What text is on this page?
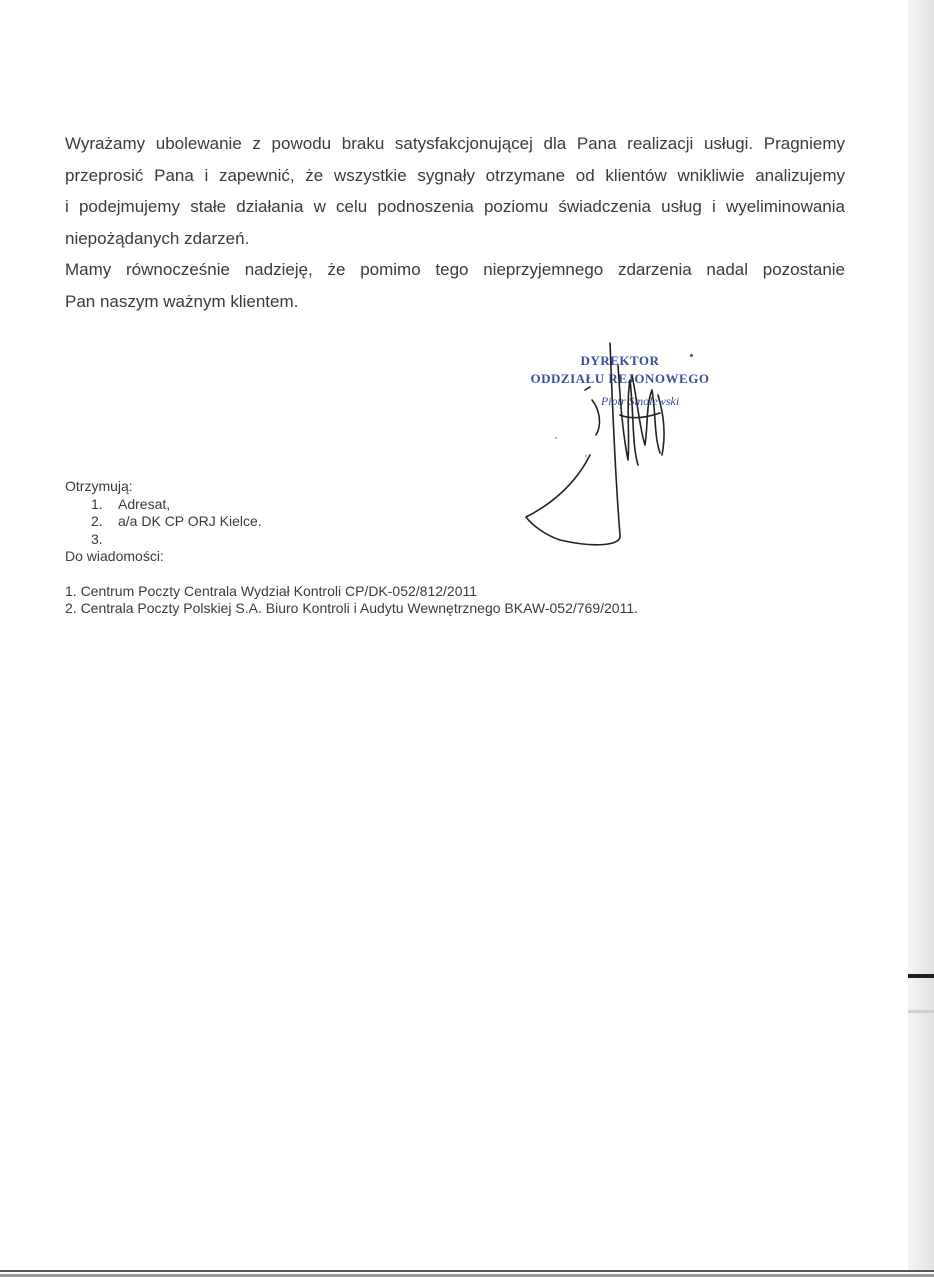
Wyrażamy ubolewanie z powodu braku satysfakcjonującej dla Pana realizacji usługi. Pragniemy

przeprosić Pana i zapewnić, że wszystkie sygnały otrzymane od klientów wnikliwie analizujemy

i podejmujemy stałe działania w celu podnoszenia poziomu świadczenia usług i wyeliminowania

niepożądanych zdarzeń.

Mamy równocześnie nadzieję, że pomimo tego nieprzyjemnego zdarzenia nadal pozostanie

Pan naszym ważnym klientem.

DYREKTOR
ODDZIAŁU REJONOWEGO
Piotr Smolewski

Otrzymują:

1.	Adresat,
2.	a/a DK CP ORJ Kielce.
3.

Do wiadomości:

1. Centrum Poczty Centrala Wydział Kontroli CP/DK-052/812/2011
2. Centrala Poczty Polskiej S.A. Biuro Kontroli i Audytu Wewnętrznego BKAW-052/769/2011.
